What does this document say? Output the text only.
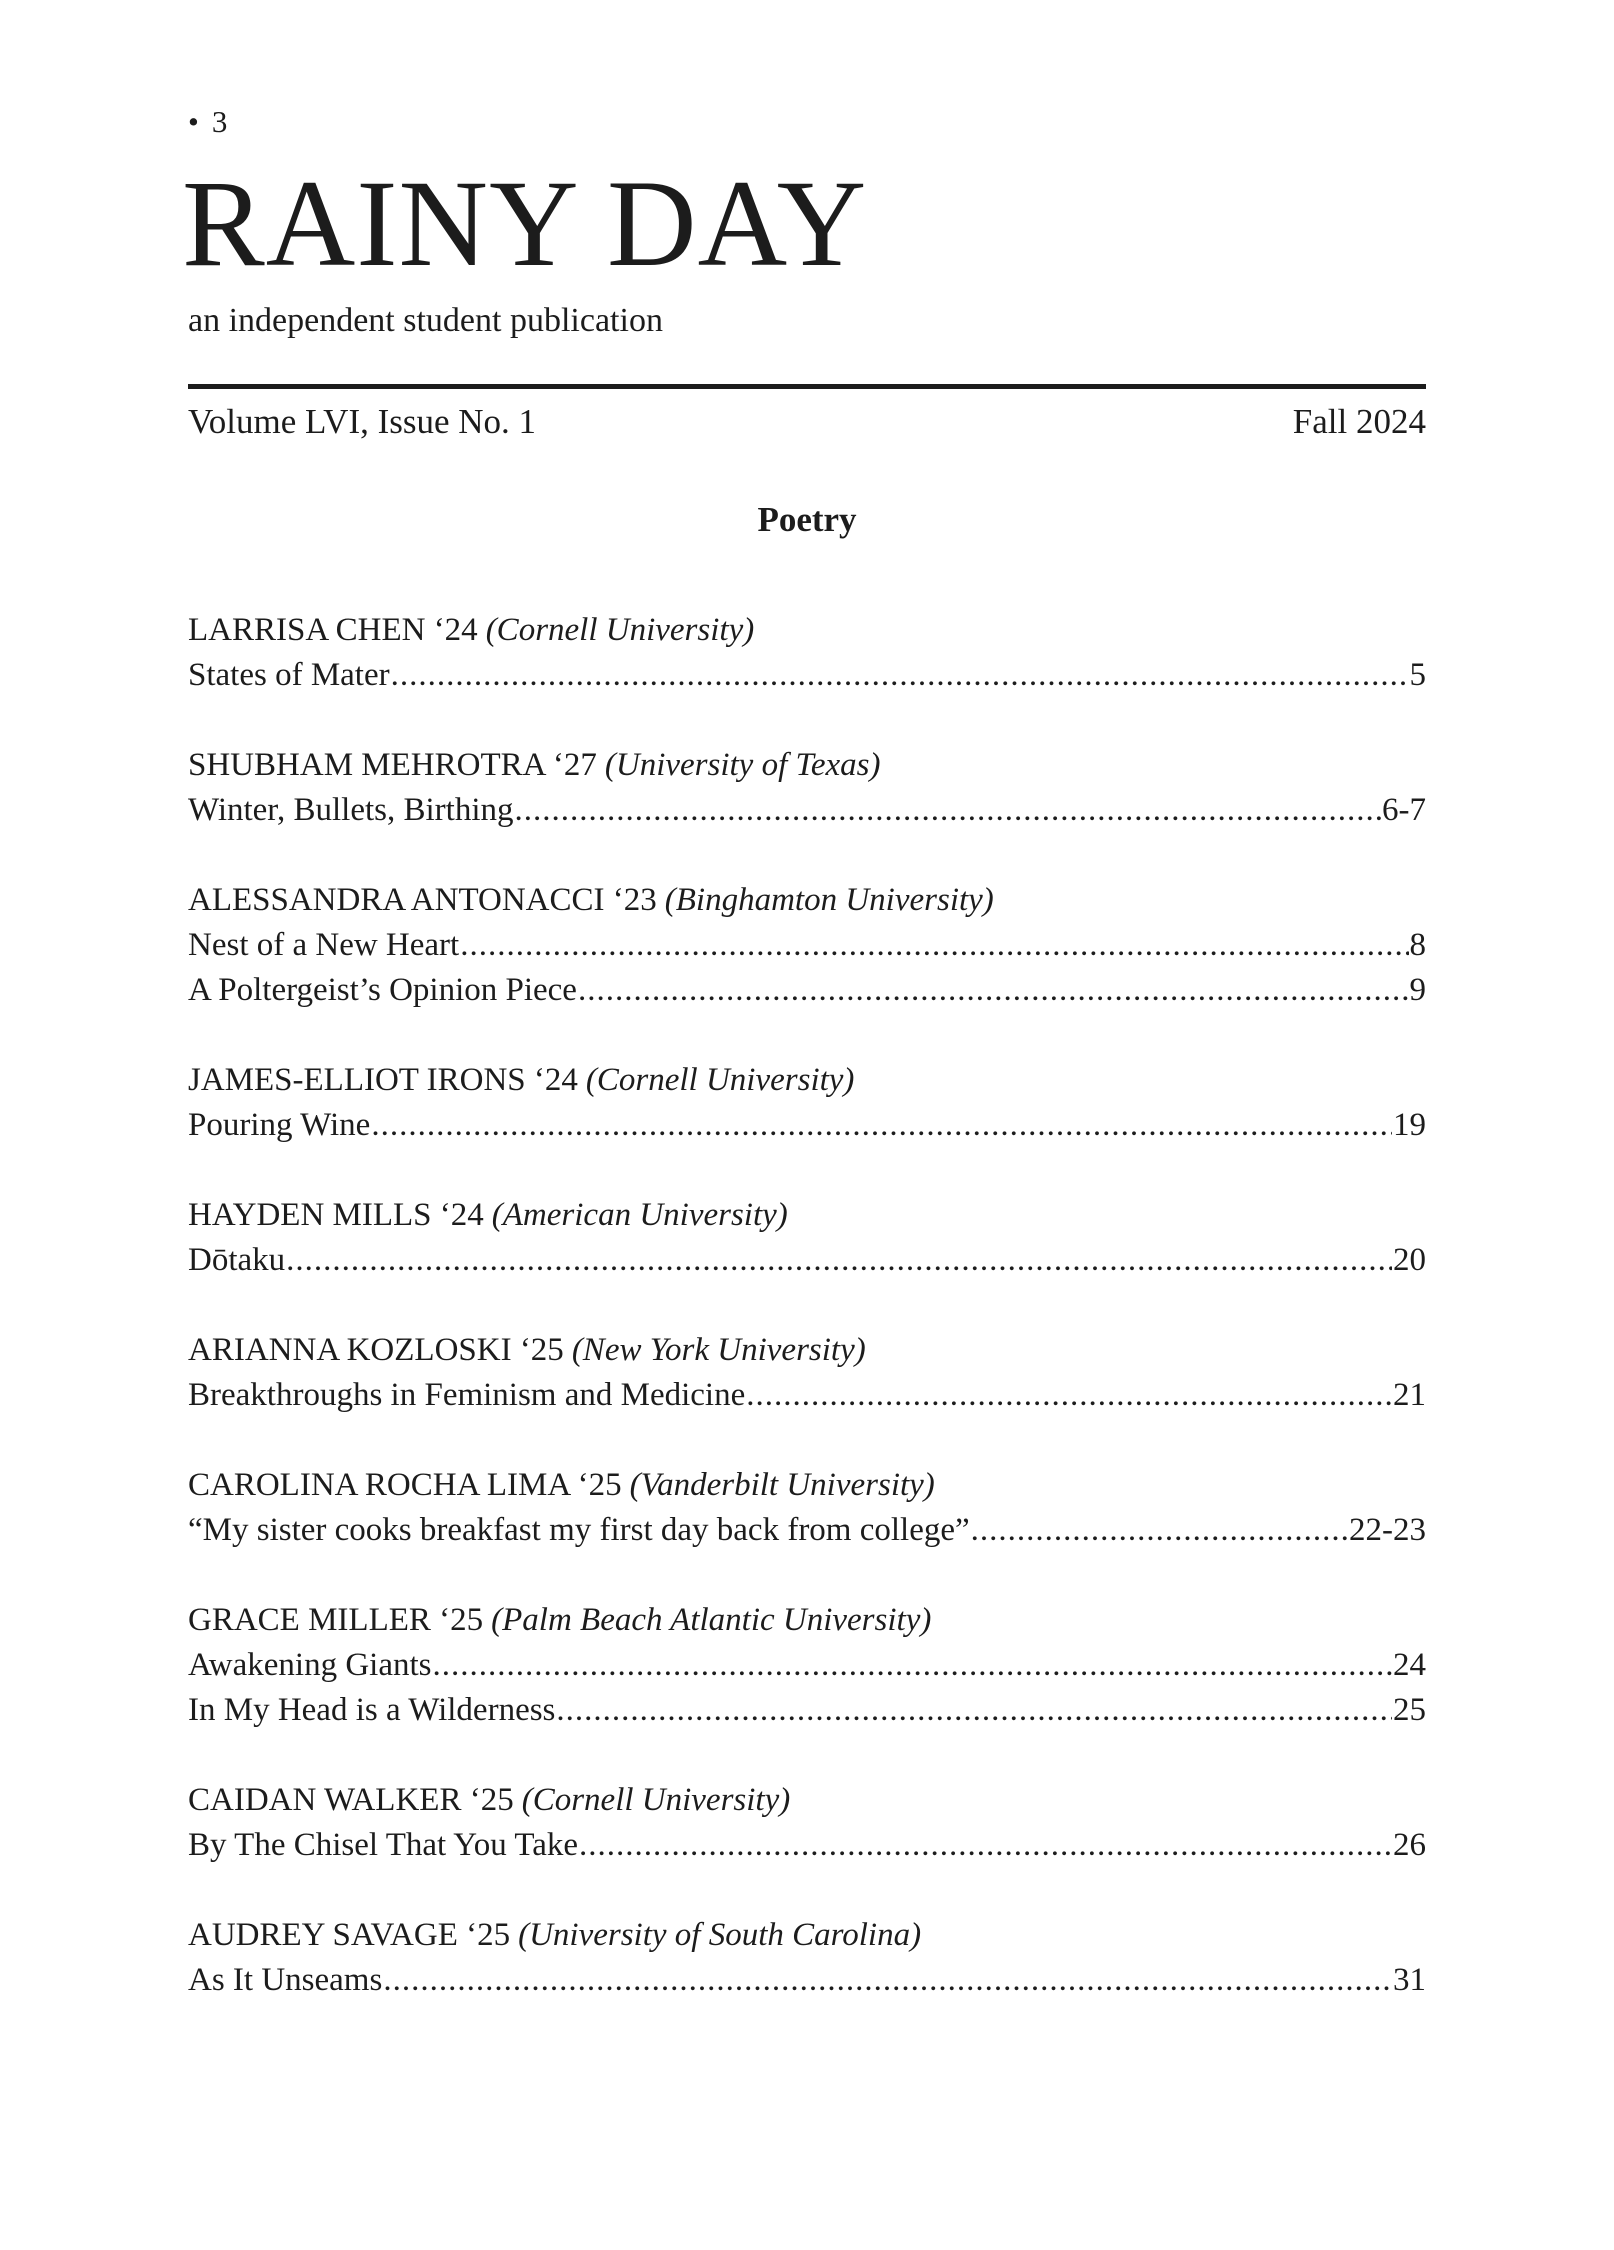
• 3
RAINY DAY
an independent student publication
Volume LVI, Issue No. 1	Fall 2024
Poetry
LARRISA CHEN ‘24 (Cornell University)
States of Mater .....	5
SHUBHAM MEHROTRA ‘27 (University of Texas)
Winter, Bullets, Birthing .....	6-7
ALESSANDRA ANTONACCI ‘23 (Binghamton University)
Nest of a New Heart .....	8
A Poltergeist’s Opinion Piece .....	9
JAMES-ELLIOT IRONS ‘24 (Cornell University)
Pouring Wine .....	19
HAYDEN MILLS ‘24 (American University)
Dōtaku .....	20
ARIANNA KOZLOSKI ‘25 (New York University)
Breakthroughs in Feminism and Medicine .....	21
CAROLINA ROCHA LIMA ‘25 (Vanderbilt University)
“My sister cooks breakfast my first day back from college” .....	22-23
GRACE MILLER ‘25 (Palm Beach Atlantic University)
Awakening Giants .....	24
In My Head is a Wilderness .....	25
CAIDAN WALKER ‘25 (Cornell University)
By The Chisel That You Take .....	26
AUDREY SAVAGE ‘25 (University of South Carolina)
As It Unseams .....	31
